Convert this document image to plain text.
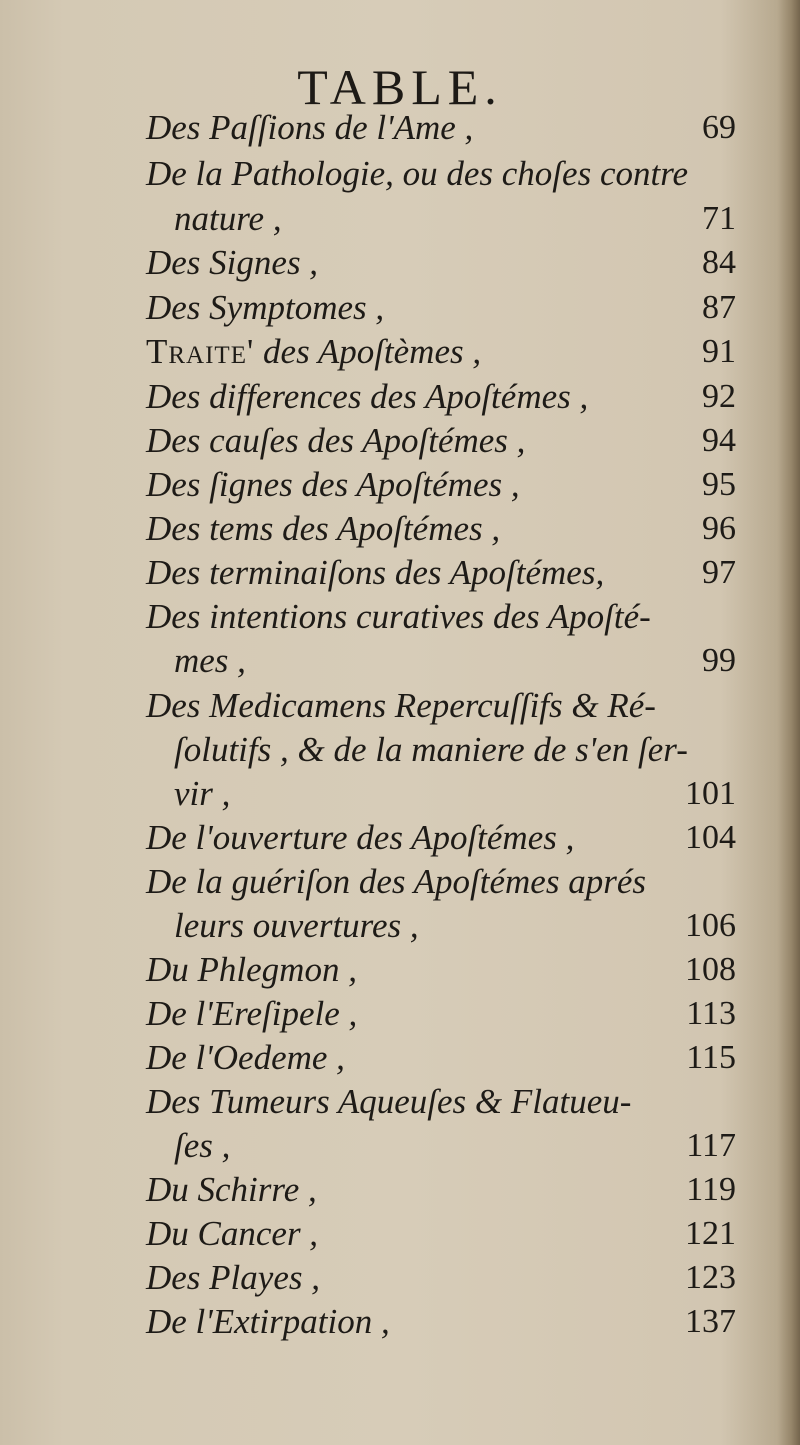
TABLE.
Des Paſſions de l'Ame ,	69
De la Pathologie, ou des choſes contre
nature ,	71
Des Signes ,	84
Des Symptomes ,	87
Traite' des Apoſtèmes ,	91
Des differences des Apoſtémes ,	92
Des cauſes des Apoſtémes ,	94
Des ſignes des Apoſtémes ,	95
Des tems des Apoſtémes ,	96
Des terminaiſons des Apoſtémes,	97
Des intentions curatives des Apoſté-
mes ,	99
Des Medicamens Repercuſſifs & Ré-
ſolutifs , & de la maniere de s'en ſer-
vir ,	101
De l'ouverture des Apoſtémes ,	104
De la guériſon des Apoſtémes aprés
leurs ouvertures ,	106
Du Phlegmon ,	108
De l'Ereſipele ,	113
De l'Oedeme ,	115
Des Tumeurs Aqueuſes & Flatueu-
ſes ,	117
Du Schirre ,	119
Du Cancer ,	121
Des Playes ,	123
De l'Extirpation ,	137
